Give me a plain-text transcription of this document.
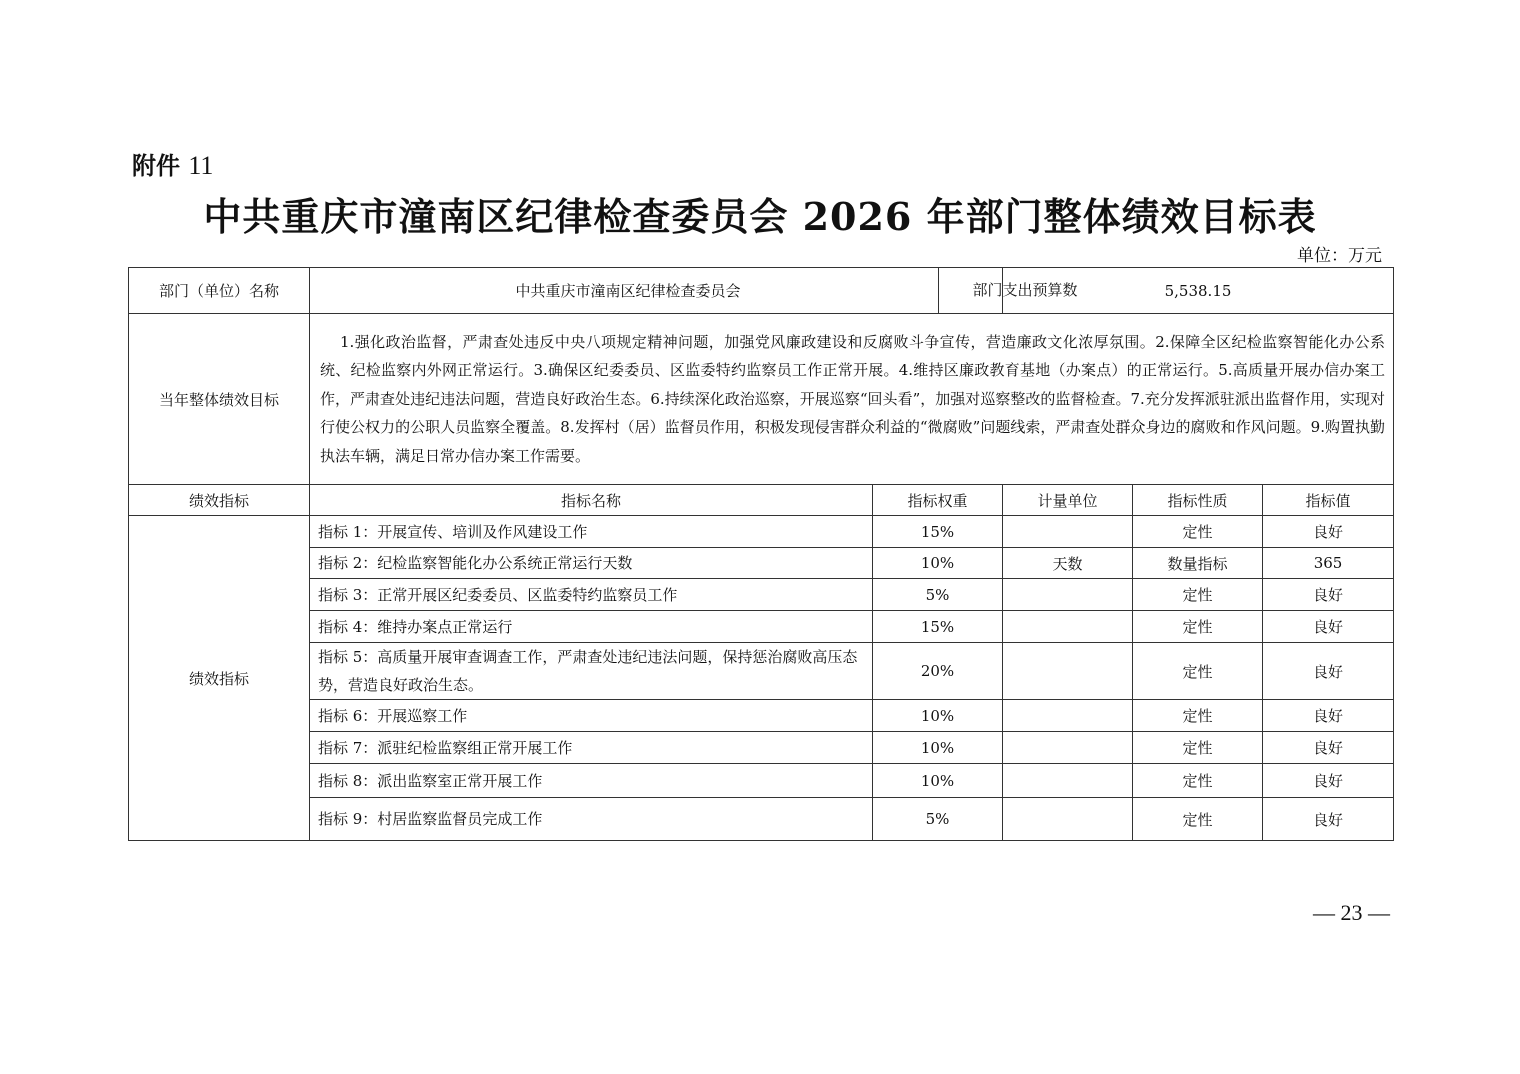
附件 11
中共重庆市潼南区纪律检查委员会 2026 年部门整体绩效目标表
单位：万元
部门（单位）名称	中共重庆市潼南区纪律检查委员会 部门支出预算数		5,538.15		

当年整体绩效目标	1.强化政治监督，严肃查处违反中央八项规定精神问题，加强党风廉政建设和反腐败斗争宣传，营造廉政文化浓厚氛围。2.保障全区纪检监察智能化办公系统、纪检监察内外网正常运行。3.确保区纪委委员、区监委特约监察员工作正常开展。4.维持区廉政教育基地（办案点）的正常运行。5.高质量开展办信办案工作，严肃查处违纪违法问题，营造良好政治生态。6.持续深化政治巡察，开展巡察“回头看”，加强对巡察整改的监督检查。7.充分发挥派驻派出监督作用，实现对行使公权力的公职人员监察全覆盖。8.发挥村（居）监督员作用，积极发现侵害群众利益的“微腐败”问题线索，严肃查处群众身边的腐败和作风问题。9.购置执勤执法车辆，满足日常办信办案工作需要。				
绩效指标	指标名称	指标权重	计量单位	指标性质	指标值
绩效指标	指标 1：开展宣传、培训及作风建设工作	15%		定性	良好
	指标 2：纪检监察智能化办公系统正常运行天数	10%	天数	数量指标	365
	指标 3：正常开展区纪委委员、区监委特约监察员工作	5%		定性	良好
	指标 4：维持办案点正常运行	15%		定性	良好
	指标 5：高质量开展审查调查工作，严肃查处违纪违法问题，保持惩治腐败高压态势，营造良好政治生态。	20%		定性	良好
	指标 6：开展巡察工作	10%		定性	良好
	指标 7：派驻纪检监察组正常开展工作	10%		定性	良好
	指标 8：派出监察室正常开展工作	10%		定性	良好
	指标 9：村居监察监督员完成工作	5%		定性	良好
— 23 —
